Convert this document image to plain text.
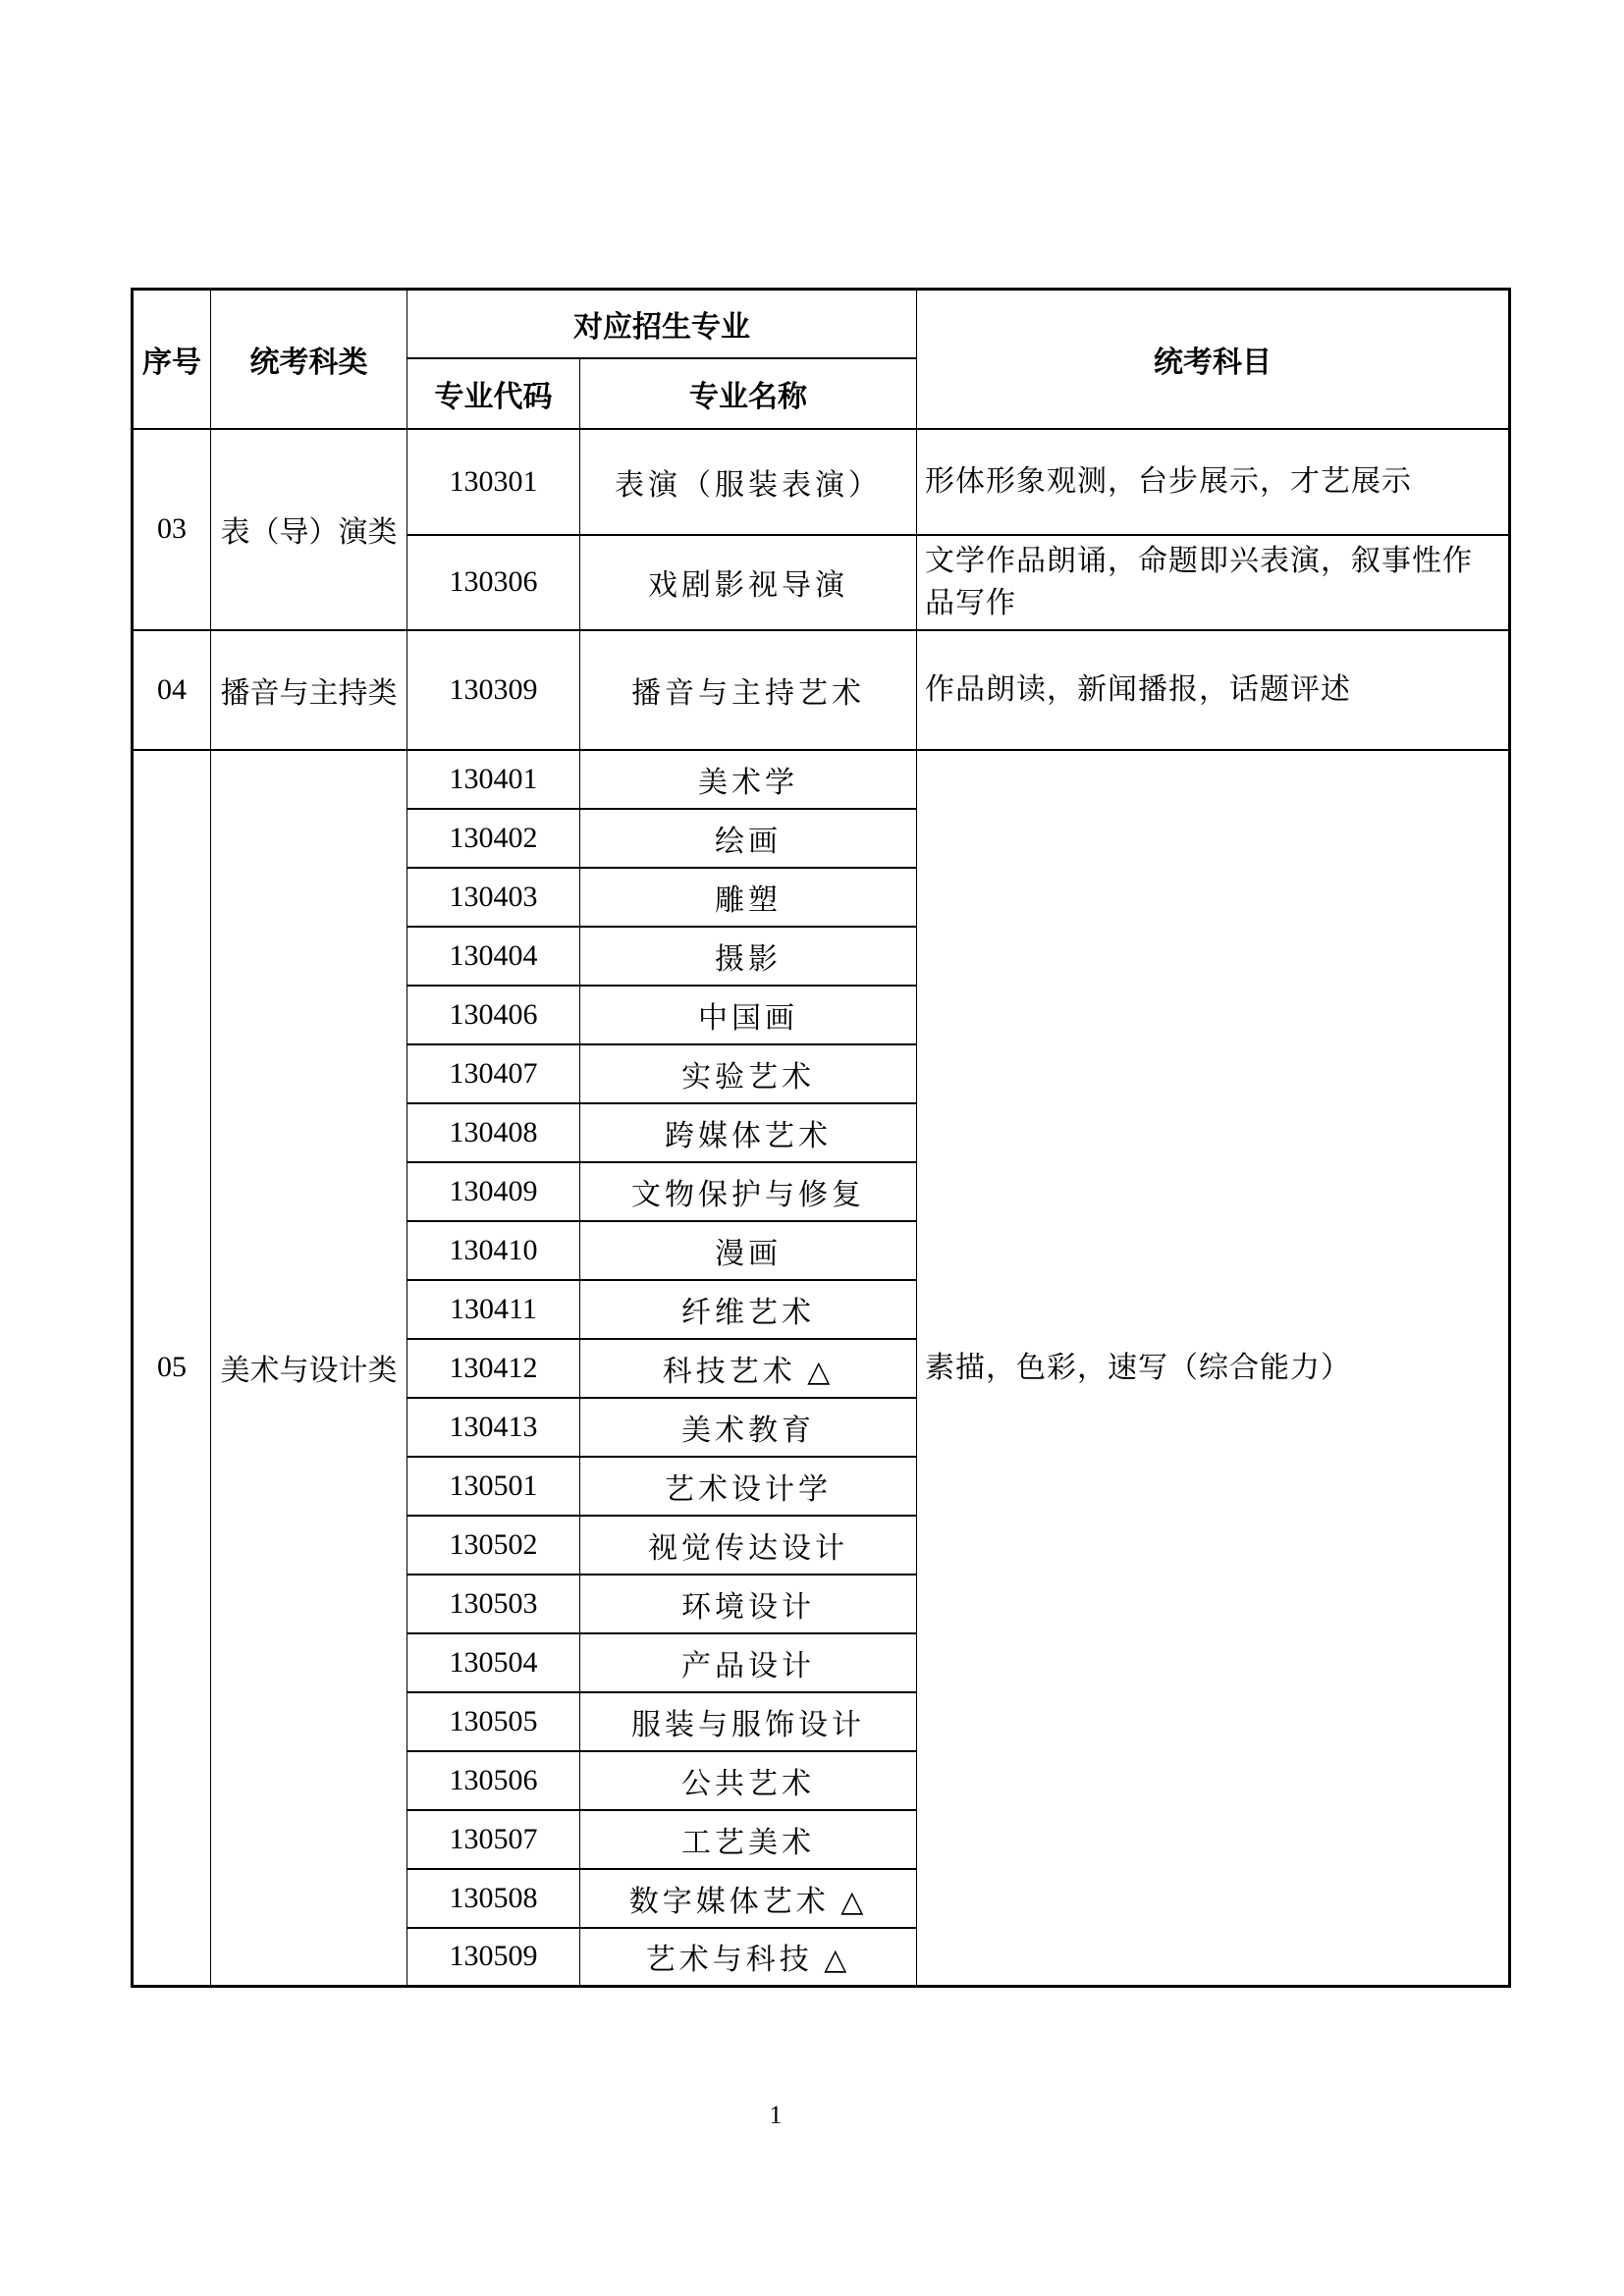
序号	统考科类	对应招生专业		统考科目
		专业代码	专业名称	
03	表（导）演类	130301	表演（服装表演）	形体形象观测，台步展示，才艺展示
		130306	戏剧影视导演	文学作品朗诵，命题即兴表演，叙事性作品写作
04	播音与主持类	130309	播音与主持艺术	作品朗读，新闻播报，话题评述
05	美术与设计类	130401	美术学	素描，色彩，速写（综合能力）
		130402	绘画	
		130403	雕塑	
		130404	摄影	
		130406	中国画	
		130407	实验艺术	
		130408	跨媒体艺术	
		130409	文物保护与修复	
		130410	漫画	
		130411	纤维艺术	
		130412	科技艺术 △	
		130413	美术教育	
		130501	艺术设计学	
		130502	视觉传达设计	
		130503	环境设计	
		130504	产品设计	
		130505	服装与服饰设计	
		130506	公共艺术	
		130507	工艺美术	
		130508	数字媒体艺术 △	
		130509	艺术与科技 △	
1
